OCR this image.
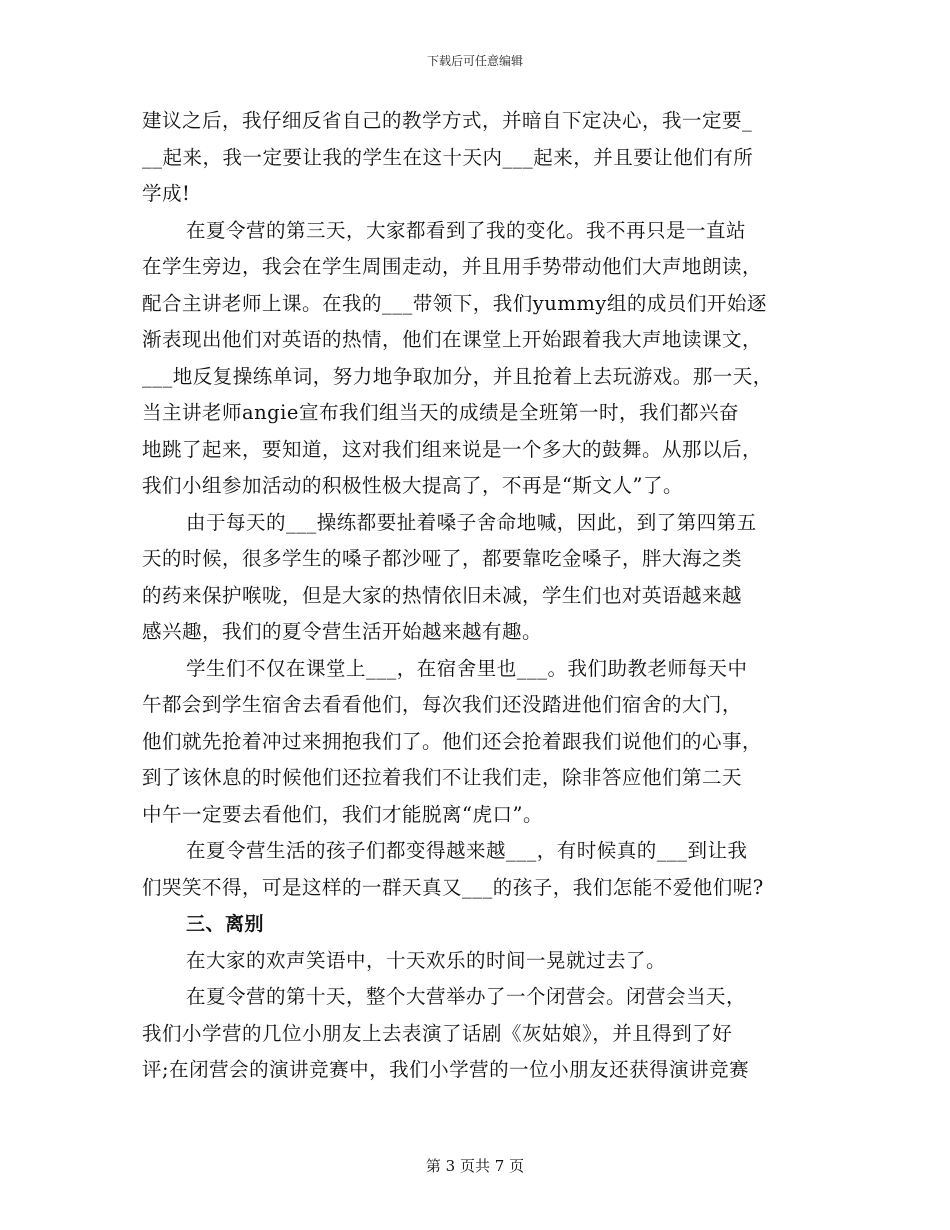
下载后可任意编辑
建议之后，我仔细反省自己的教学方式，并暗自下定决心，我一定要_
__起来，我一定要让我的学生在这十天内___起来，并且要让他们有所
学成!
在夏令营的第三天，大家都看到了我的变化。我不再只是一直站
在学生旁边，我会在学生周围走动，并且用手势带动他们大声地朗读，
配合主讲老师上课。在我的___带领下，我们yummy组的成员们开始逐
渐表现出他们对英语的热情，他们在课堂上开始跟着我大声地读课文，
___地反复操练单词，努力地争取加分，并且抢着上去玩游戏。那一天，
当主讲老师angie宣布我们组当天的成绩是全班第一时，我们都兴奋
地跳了起来，要知道，这对我们组来说是一个多大的鼓舞。从那以后，
我们小组参加活动的积极性极大提高了，不再是“斯文人”了。
由于每天的___操练都要扯着嗓子舍命地喊，因此，到了第四第五
天的时候，很多学生的嗓子都沙哑了，都要靠吃金嗓子，胖大海之类
的药来保护喉咙，但是大家的热情依旧未减，学生们也对英语越来越
感兴趣，我们的夏令营生活开始越来越有趣。
学生们不仅在课堂上___，在宿舍里也___。我们助教老师每天中
午都会到学生宿舍去看看他们，每次我们还没踏进他们宿舍的大门，
他们就先抢着冲过来拥抱我们了。他们还会抢着跟我们说他们的心事，
到了该休息的时候他们还拉着我们不让我们走，除非答应他们第二天
中午一定要去看他们，我们才能脱离“虎口”。
在夏令营生活的孩子们都变得越来越___，有时候真的___到让我
们哭笑不得，可是这样的一群天真又___的孩子，我们怎能不爱他们呢?
三、离别
在大家的欢声笑语中，十天欢乐的时间一晃就过去了。
在夏令营的第十天，整个大营举办了一个闭营会。闭营会当天，
我们小学营的几位小朋友上去表演了话剧《灰姑娘》，并且得到了好
评;在闭营会的演讲竞赛中，我们小学营的一位小朋友还获得演讲竞赛
第 3 页共 7 页
